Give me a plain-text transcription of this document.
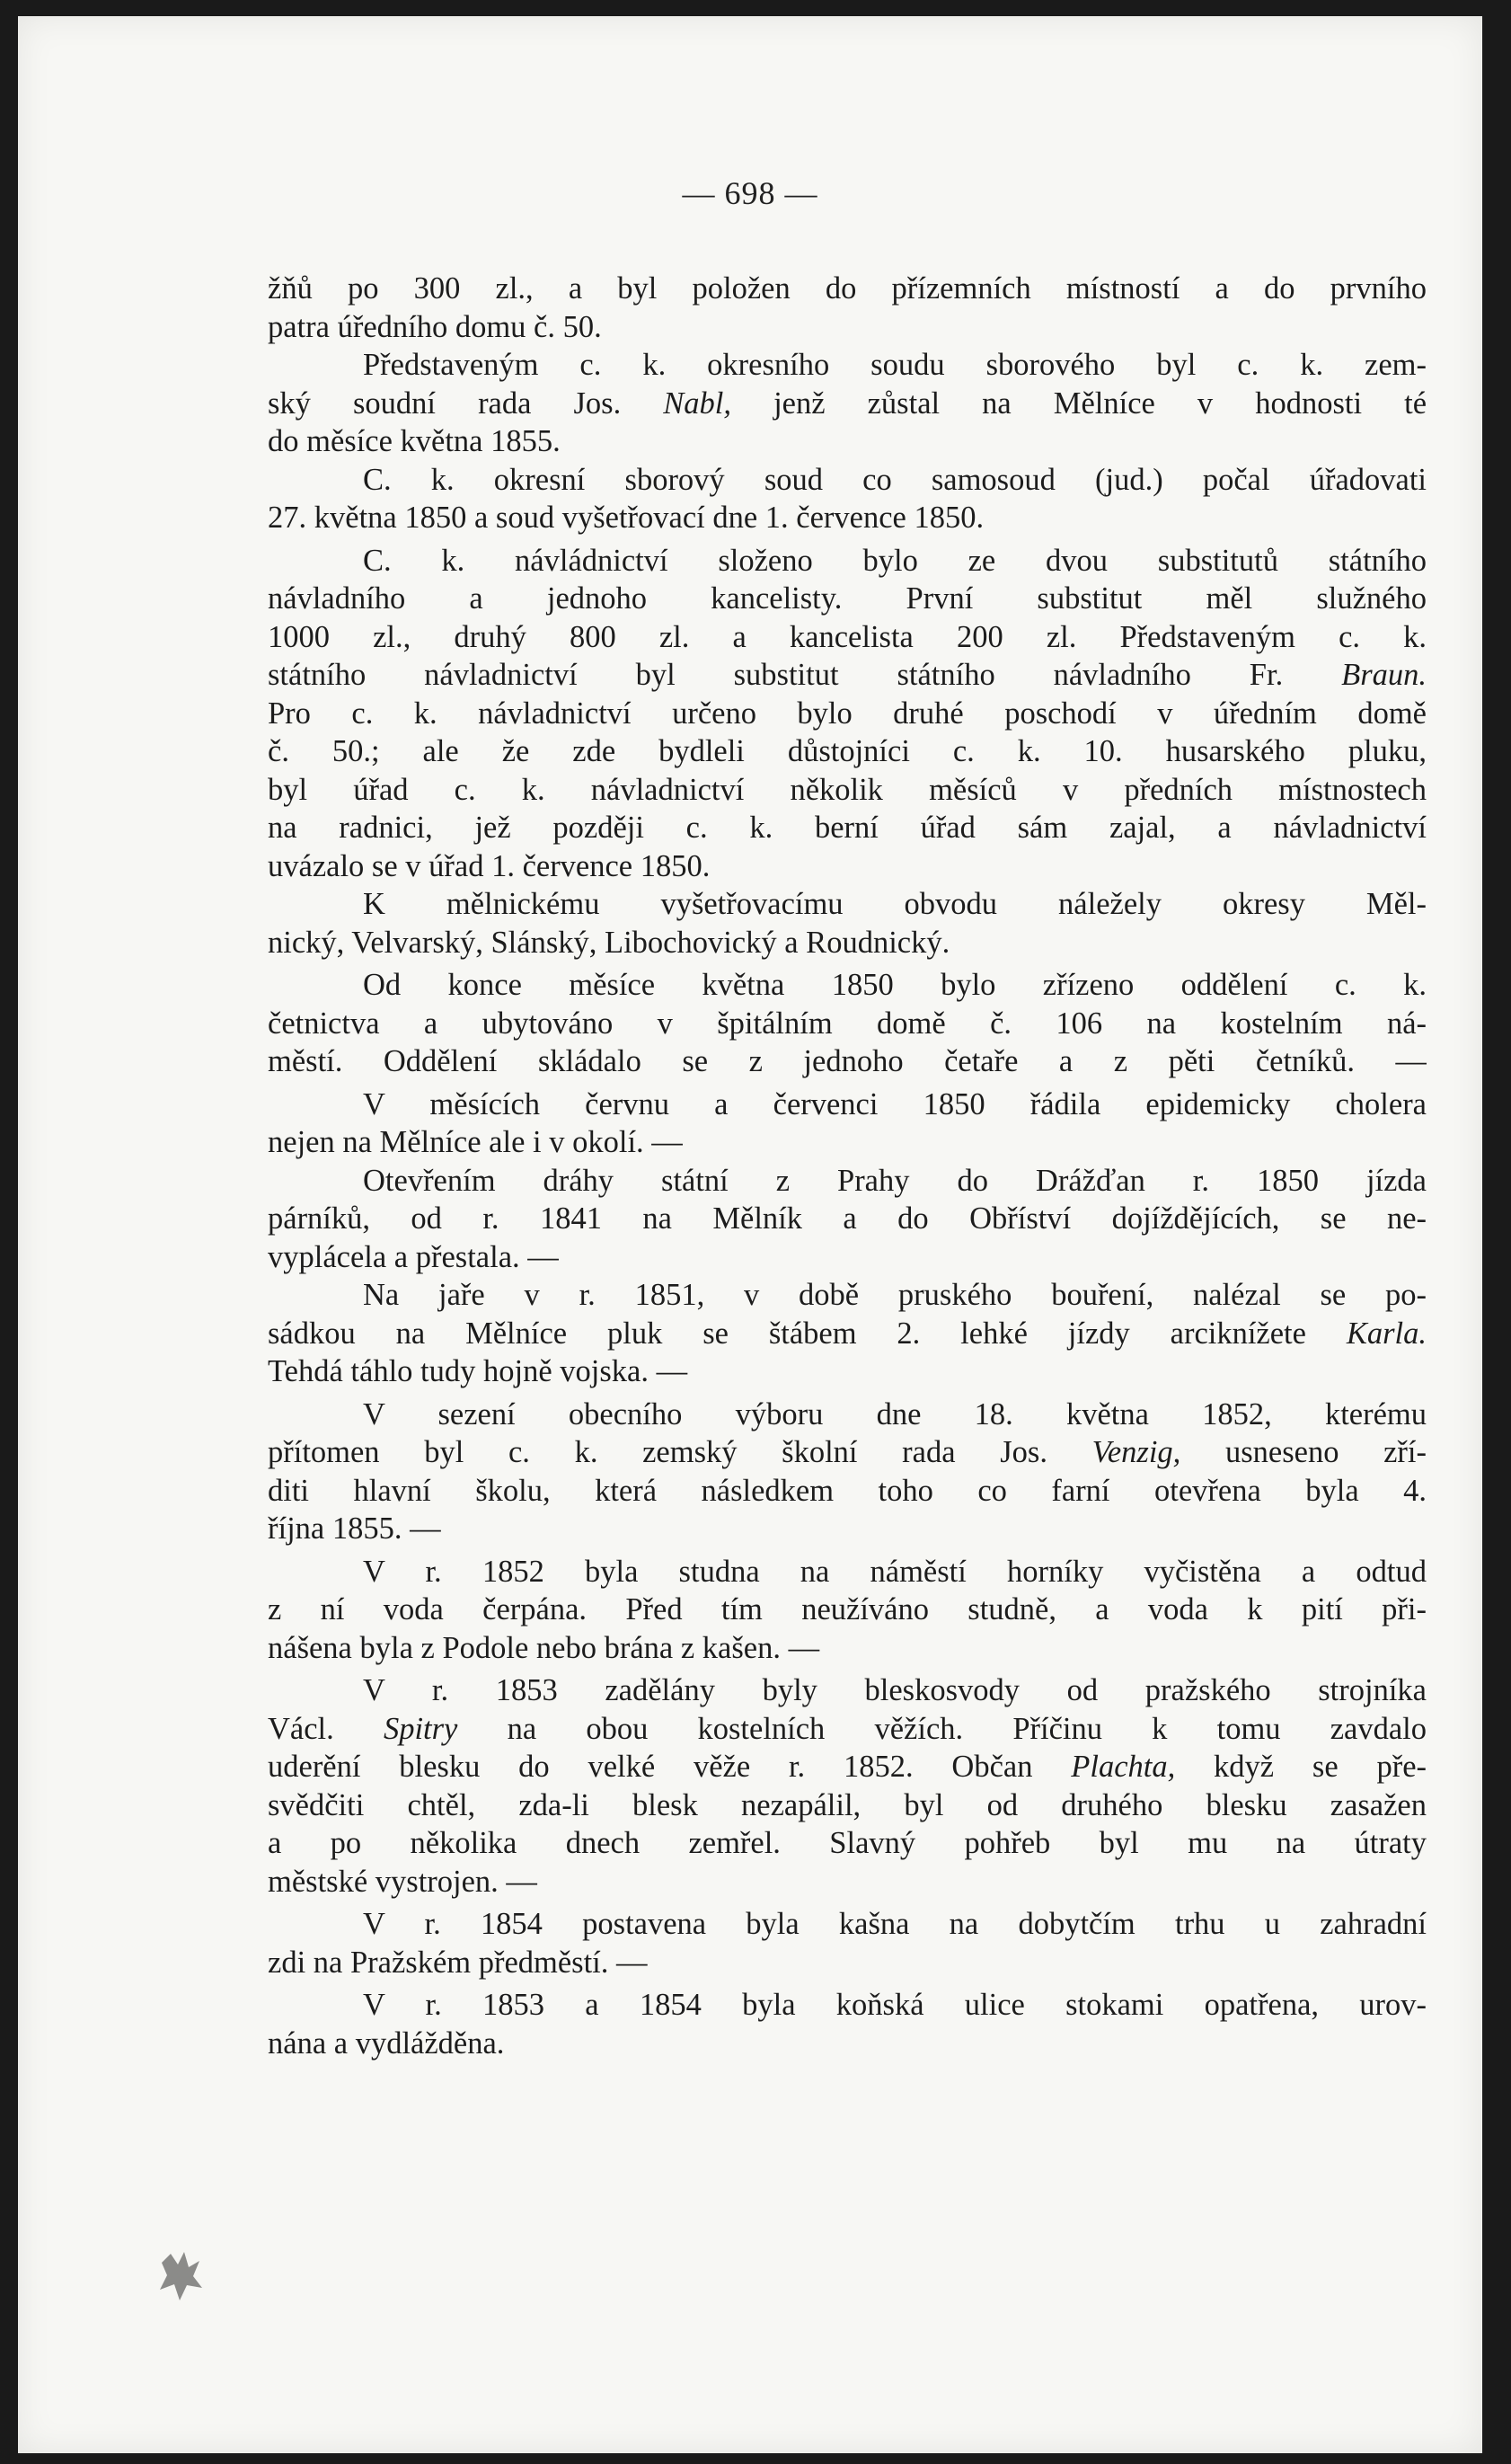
— 698 —
žňů po 300 zl., a byl položen do přízemních místností a do prvního
patra úředního domu č. 50.
Představeným c. k. okresního soudu sborového byl c. k. zem-
ský soudní rada Jos. Nabl, jenž zůstal na Mělníce v hodnosti té
do měsíce května 1855.
C. k. okresní sborový soud co samosoud (jud.) počal úřadovati
27. května 1850 a soud vyšetřovací dne 1. července 1850.
C. k. návládnictví složeno bylo ze dvou substitutů státního
návladního a jednoho kancelisty. První substitut měl služného
1000 zl., druhý 800 zl. a kancelista 200 zl. Představeným c. k.
státního návladnictví byl substitut státního návladního Fr. Braun.
Pro c. k. návladnictví určeno bylo druhé poschodí v úředním domě
č. 50.; ale že zde bydleli důstojníci c. k. 10. husarského pluku,
byl úřad c. k. návladnictví několik měsíců v předních místnostech
na radnici, jež později c. k. berní úřad sám zajal, a návladnictví
uvázalo se v úřad 1. července 1850.
K mělnickému vyšetřovacímu obvodu náležely okresy Měl-
nický, Velvarský, Slánský, Libochovický a Roudnický.
Od konce měsíce května 1850 bylo zřízeno oddělení c. k.
četnictva a ubytováno v špitálním domě č. 106 na kostelním ná-
městí. Oddělení skládalo se z jednoho četaře a z pěti četníků. —
V měsících červnu a červenci 1850 řádila epidemicky cholera
nejen na Mělníce ale i v okolí. —
Otevřením dráhy státní z Prahy do Drážďan r. 1850 jízda
párníků, od r. 1841 na Mělník a do Obříství dojíždějících, se ne-
vyplácela a přestala. —
Na jaře v r. 1851, v době pruského bouření, nalézal se po-
sádkou na Mělníce pluk se štábem 2. lehké jízdy arciknížete Karla.
Tehdá táhlo tudy hojně vojska. —
V sezení obecního výboru dne 18. května 1852, kterému
přítomen byl c. k. zemský školní rada Jos. Venzig, usneseno zří-
diti hlavní školu, která následkem toho co farní otevřena byla 4.
října 1855. —
V r. 1852 byla studna na náměstí horníky vyčistěna a odtud
z ní voda čerpána. Před tím neužíváno studně, a voda k pití při-
nášena byla z Podole nebo brána z kašen. —
V r. 1853 zadělány byly bleskosvody od pražského strojníka
Václ. Spitry na obou kostelních věžích. Příčinu k tomu zavdalo
uderění blesku do velké věže r. 1852. Občan Plachta, když se pře-
svědčiti chtěl, zda-li blesk nezapálil, byl od druhého blesku zasažen
a po několika dnech zemřel. Slavný pohřeb byl mu na útraty
městské vystrojen. —
V r. 1854 postavena byla kašna na dobytčím trhu u zahradní
zdi na Pražském předměstí. —
V r. 1853 a 1854 byla koňská ulice stokami opatřena, urov-
nána a vydlážděna.
